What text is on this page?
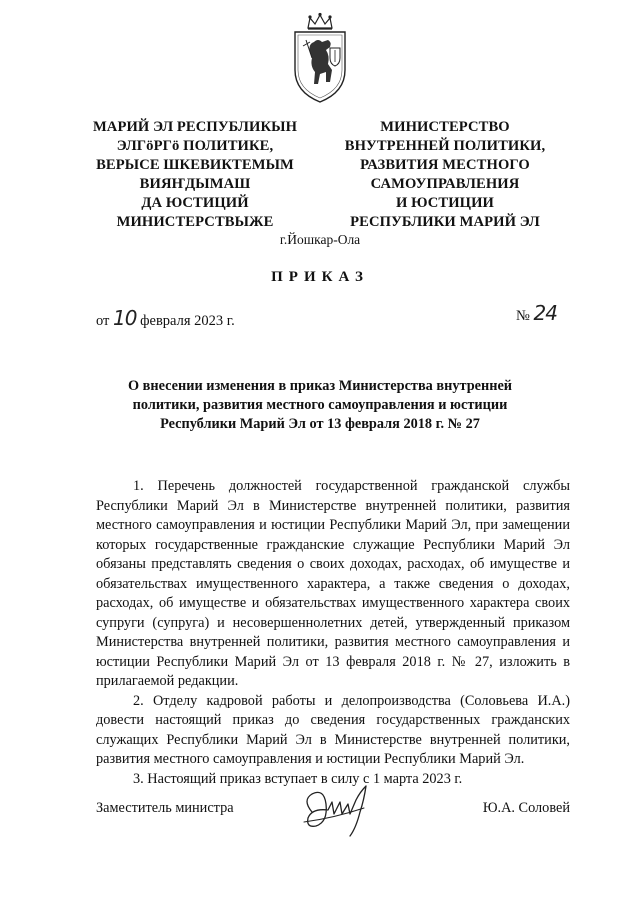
МАРИЙ ЭЛ РЕСПУБЛИКЫН
ЭЛГӧРГӧ ПОЛИТИКЕ,
ВЕРЫСЕ ШКЕВИКТЕМЫМ
ВИЯҤДЫМАШ
ДА ЮСТИЦИЙ
МИНИСТЕРСТВЫЖЕ
МИНИСТЕРСТВО
ВНУТРЕННЕЙ ПОЛИТИКИ,
РАЗВИТИЯ МЕСТНОГО
САМОУПРАВЛЕНИЯ
И ЮСТИЦИИ
РЕСПУБЛИКИ МАРИЙ ЭЛ
г.Йошкар-Ола
ПРИКАЗ
от 10 февраля 2023 г.	№ 24
О внесении изменения в приказ Министерства внутренней
политики, развития местного самоуправления и юстиции
Республики Марий Эл от 13 февраля 2018 г. № 27

1. Перечень должностей государственной гражданской службы Республики Марий Эл в Министерстве внутренней политики, развития местного самоуправления и юстиции Республики Марий Эл, при замещении которых государственные гражданские служащие Республики Марий Эл обязаны представлять сведения о своих доходах, расходах, об имуществе и обязательствах имущественного характера, а также сведения о доходах, расходах, об имуществе и обязательствах имущественного характера своих супруги (супруга) и несовершеннолетних детей, утвержденный приказом Министерства внутренней политики, развития местного самоуправления и юстиции Республики Марий Эл от 13 февраля 2018 г. № 27, изложить в прилагаемой редакции.

2. Отделу кадровой работы и делопроизводства (Соловьева И.А.) довести настоящий приказ до сведения государственных гражданских служащих Республики Марий Эл в Министерстве внутренней политики, развития местного самоуправления и юстиции Республики Марий Эл.

3. Настоящий приказ вступает в силу с 1 марта 2023 г.

Заместитель министра	Ю.А. Соловей
